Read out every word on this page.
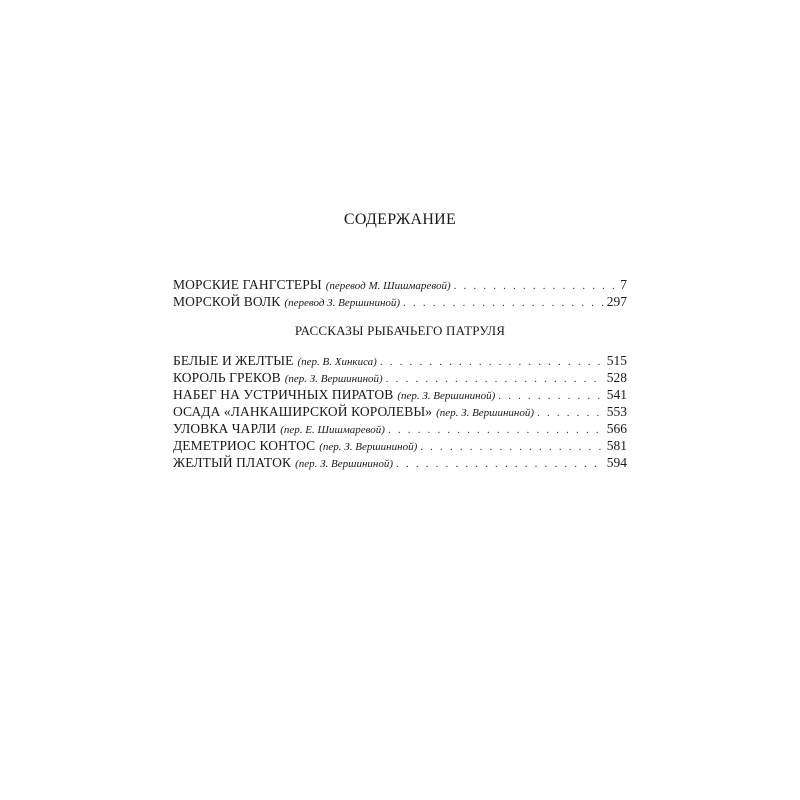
СОДЕРЖАНИЕ
МОРСКИЕ ГАНГСТЕРЫ (перевод М. Шишмаревой) . . .	7
МОРСКОЙ ВОЛК (перевод З. Вершининой) . . .	297
РАССКАЗЫ РЫБАЧЬЕГО ПАТРУЛЯ
БЕЛЫЕ И ЖЕЛТЫЕ (пер. В. Хинкиса) . . .	515
КОРОЛЬ ГРЕКОВ (пер. З. Вершининой) . . .	528
НАБЕГ НА УСТРИЧНЫХ ПИРАТОВ (пер. З. Вершининой) . . .	541
ОСАДА «ЛАНКАШИРСКОЙ КОРОЛЕВЫ» (пер. З. Вершининой) . . .	553
УЛОВКА ЧАРЛИ (пер. Е. Шишмаревой) . . .	566
ДЕМЕТРИОС КОНТОС (пер. З. Вершининой) . . .	581
ЖЕЛТЫЙ ПЛАТОК (пер. З. Вершининой) . . .	594
